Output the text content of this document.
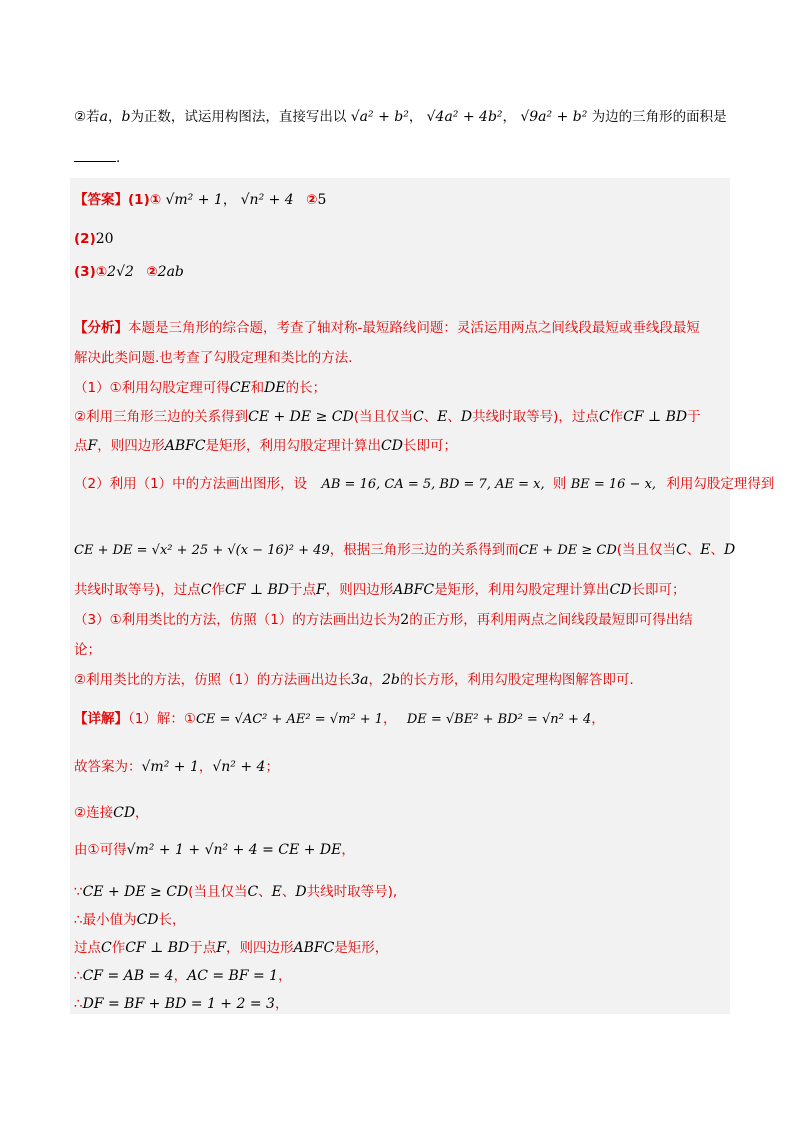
②若a，b为正数，试运用构图法，直接写出以 √a² + b²， √4a² + 4b²， √9a² + b² 为边的三角形的面积是
.
【答案】(1)① √m² + 1， √n² + 4 ②5
(2)20
(3)①2√2 ②2ab
【分析】本题是三角形的综合题，考查了轴对称-最短路线问题：灵活运用两点之间线段最短或垂线段最短
解决此类问题.也考查了勾股定理和类比的方法.
（1）①利用勾股定理可得CE和DE的长；
②利用三角形三边的关系得到CE + DE ≥ CD(当且仅当C、E、D共线时取等号)，过点C作CF ⊥ BD于
点F，则四边形ABFC是矩形，利用勾股定理计算出CD长即可；
（2）利用（1）中的方法画出图形，设 AB = 16, CA = 5, BD = 7, AE = x, 则 BE = 16 − x, 利用勾股定理得到
CE + DE = √x² + 25 + √(x − 16)² + 49，根据三角形三边的关系得到而CE + DE ≥ CD(当且仅当C、E、D
共线时取等号)，过点C作CF ⊥ BD于点F，则四边形ABFC是矩形，利用勾股定理计算出CD长即可；
（3）①利用类比的方法，仿照（1）的方法画出边长为2的正方形，再利用两点之间线段最短即可得出结
论；
②利用类比的方法，仿照（1）的方法画出边长3a，2b的长方形，利用勾股定理构图解答即可.
【详解】（1）解：①CE = √AC² + AE² = √m² + 1， DE = √BE² + BD² = √n² + 4，
故答案为：√m² + 1，√n² + 4；
②连接CD，
由①可得√m² + 1 + √n² + 4 = CE + DE，
∵CE + DE ≥ CD(当且仅当C、E、D共线时取等号),
∴最小值为CD长，
过点C作CF ⊥ BD于点F，则四边形ABFC是矩形，
∴CF = AB = 4，AC = BF = 1，
∴DF = BF + BD = 1 + 2 = 3，
